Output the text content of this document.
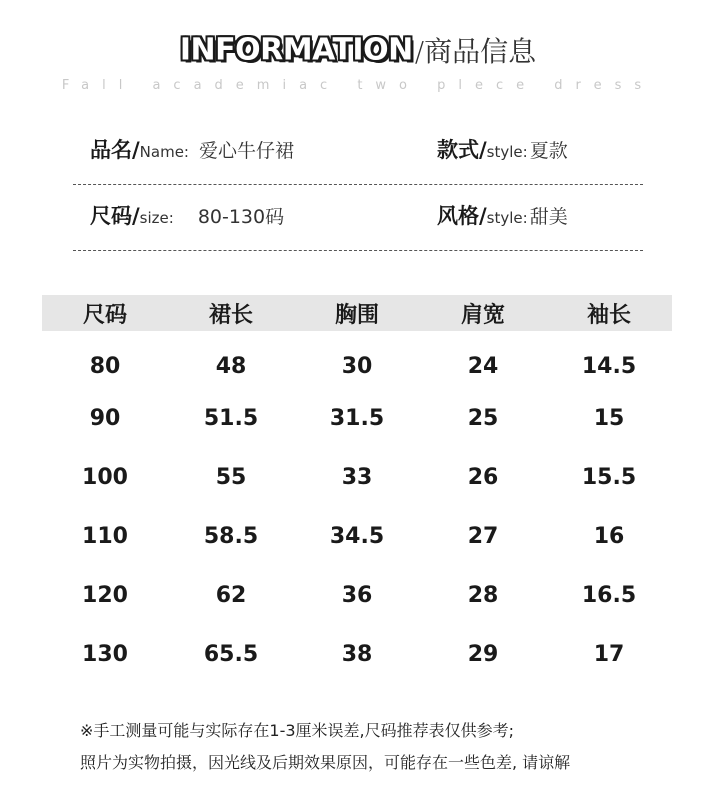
INFORMATION/商品信息
Fall academiac two plece dress
品名/ Name: 爱心牛仔裙	款式/ style: 夏款
尺码/ size: 80-130码	风格/ style: 甜美
尺码	裙长	胸围	肩宽	袖长
80	48	30	24	14.5
90	51.5	31.5	25	15
100	55	33	26	15.5
110	58.5	34.5	27	16
120	62	36	28	16.5
130	65.5	38	29	17
※手工测量可能与实际存在1-3厘米误差,尺码推荐表仅供参考;
照片为实物拍摄，因光线及后期效果原因，可能存在一些色差, 请谅解
